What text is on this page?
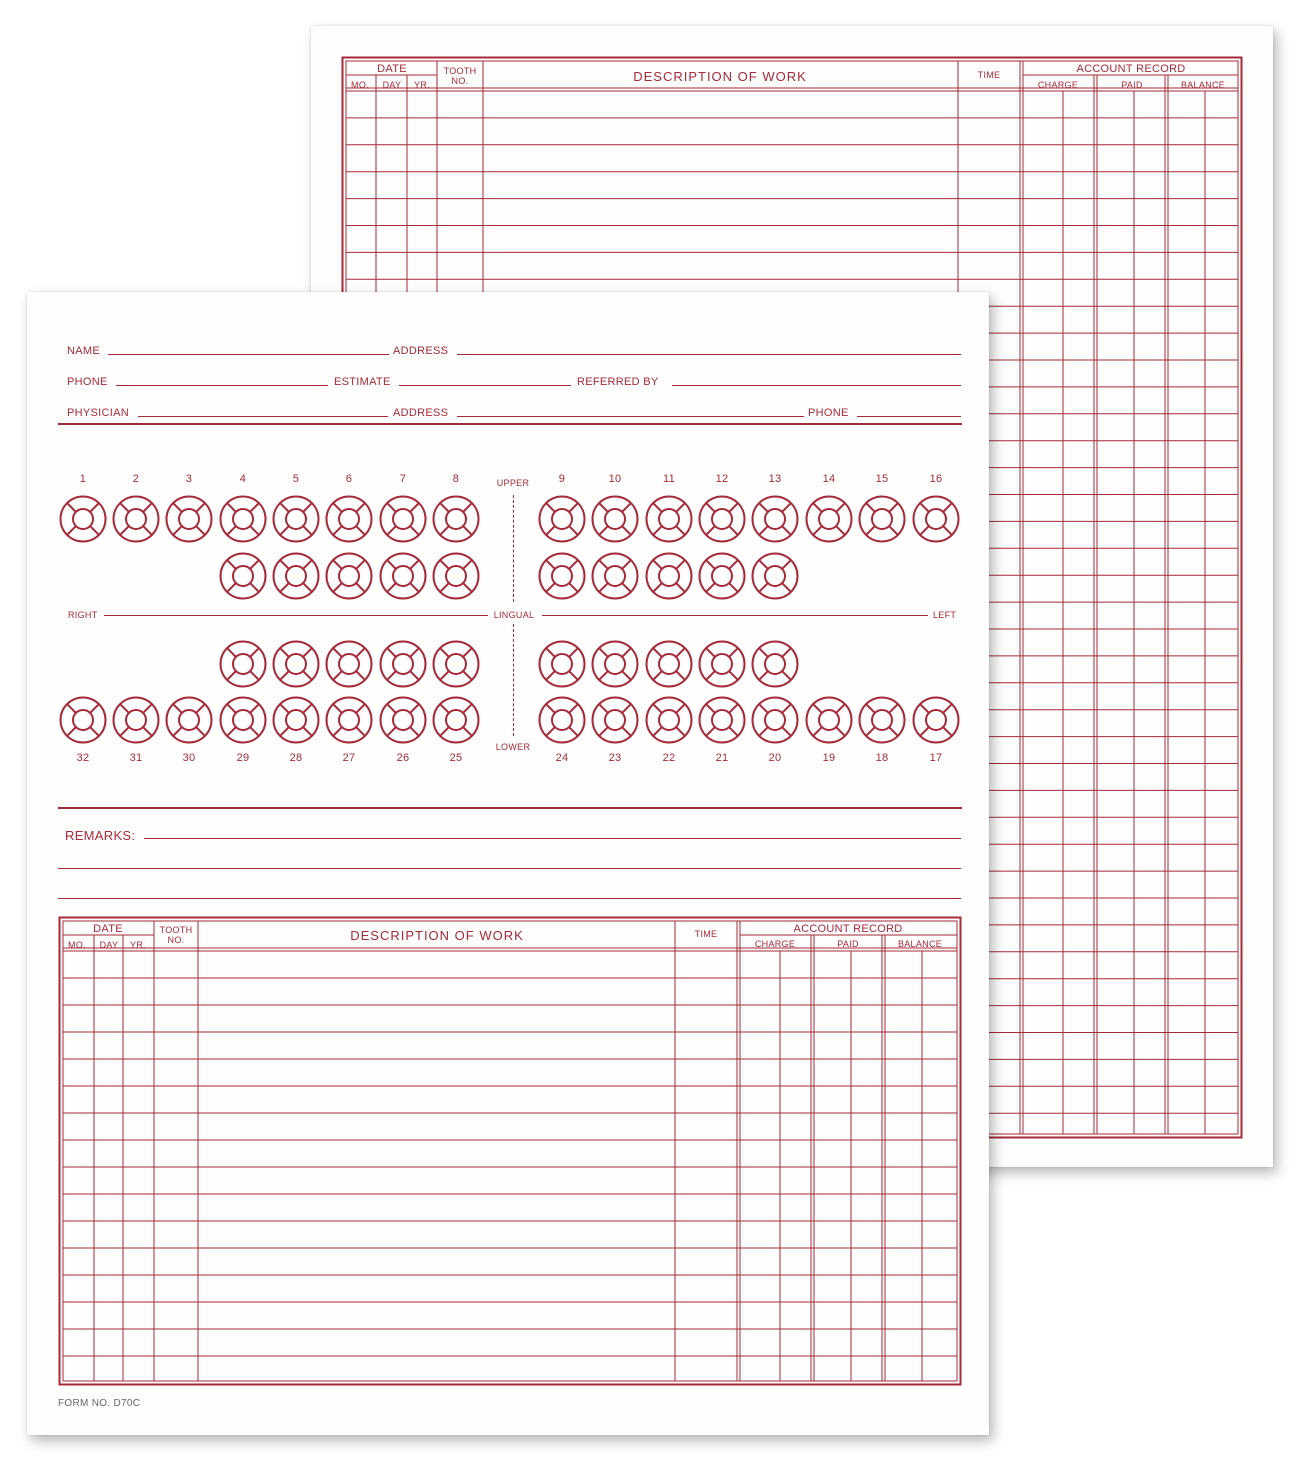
DATE
MO. DAY YR.
TOOTH
NO.	DESCRIPTION OF WORK	TIME	ACCOUNT RECORD
CHARGE	PAID	BALANCE
NAME	ADDRESS
PHONE	ESTIMATE	REFERRED BY
PHYSICIAN	ADDRESS	PHONE
UPPER
LOWER
RIGHT	LINGUAL	LEFT
1	2	3	4	5	6	7	8	9	10	11	12	13	14	15	16
32	31	30	29	28	27	26	25	24	23	22	21	20	19	18	17
REMARKS:
DATE
MO. DAY YR.
TOOTH
NO.	DESCRIPTION OF WORK	TIME	ACCOUNT RECORD
CHARGE	PAID	BALANCE
FORM NO. D70C
